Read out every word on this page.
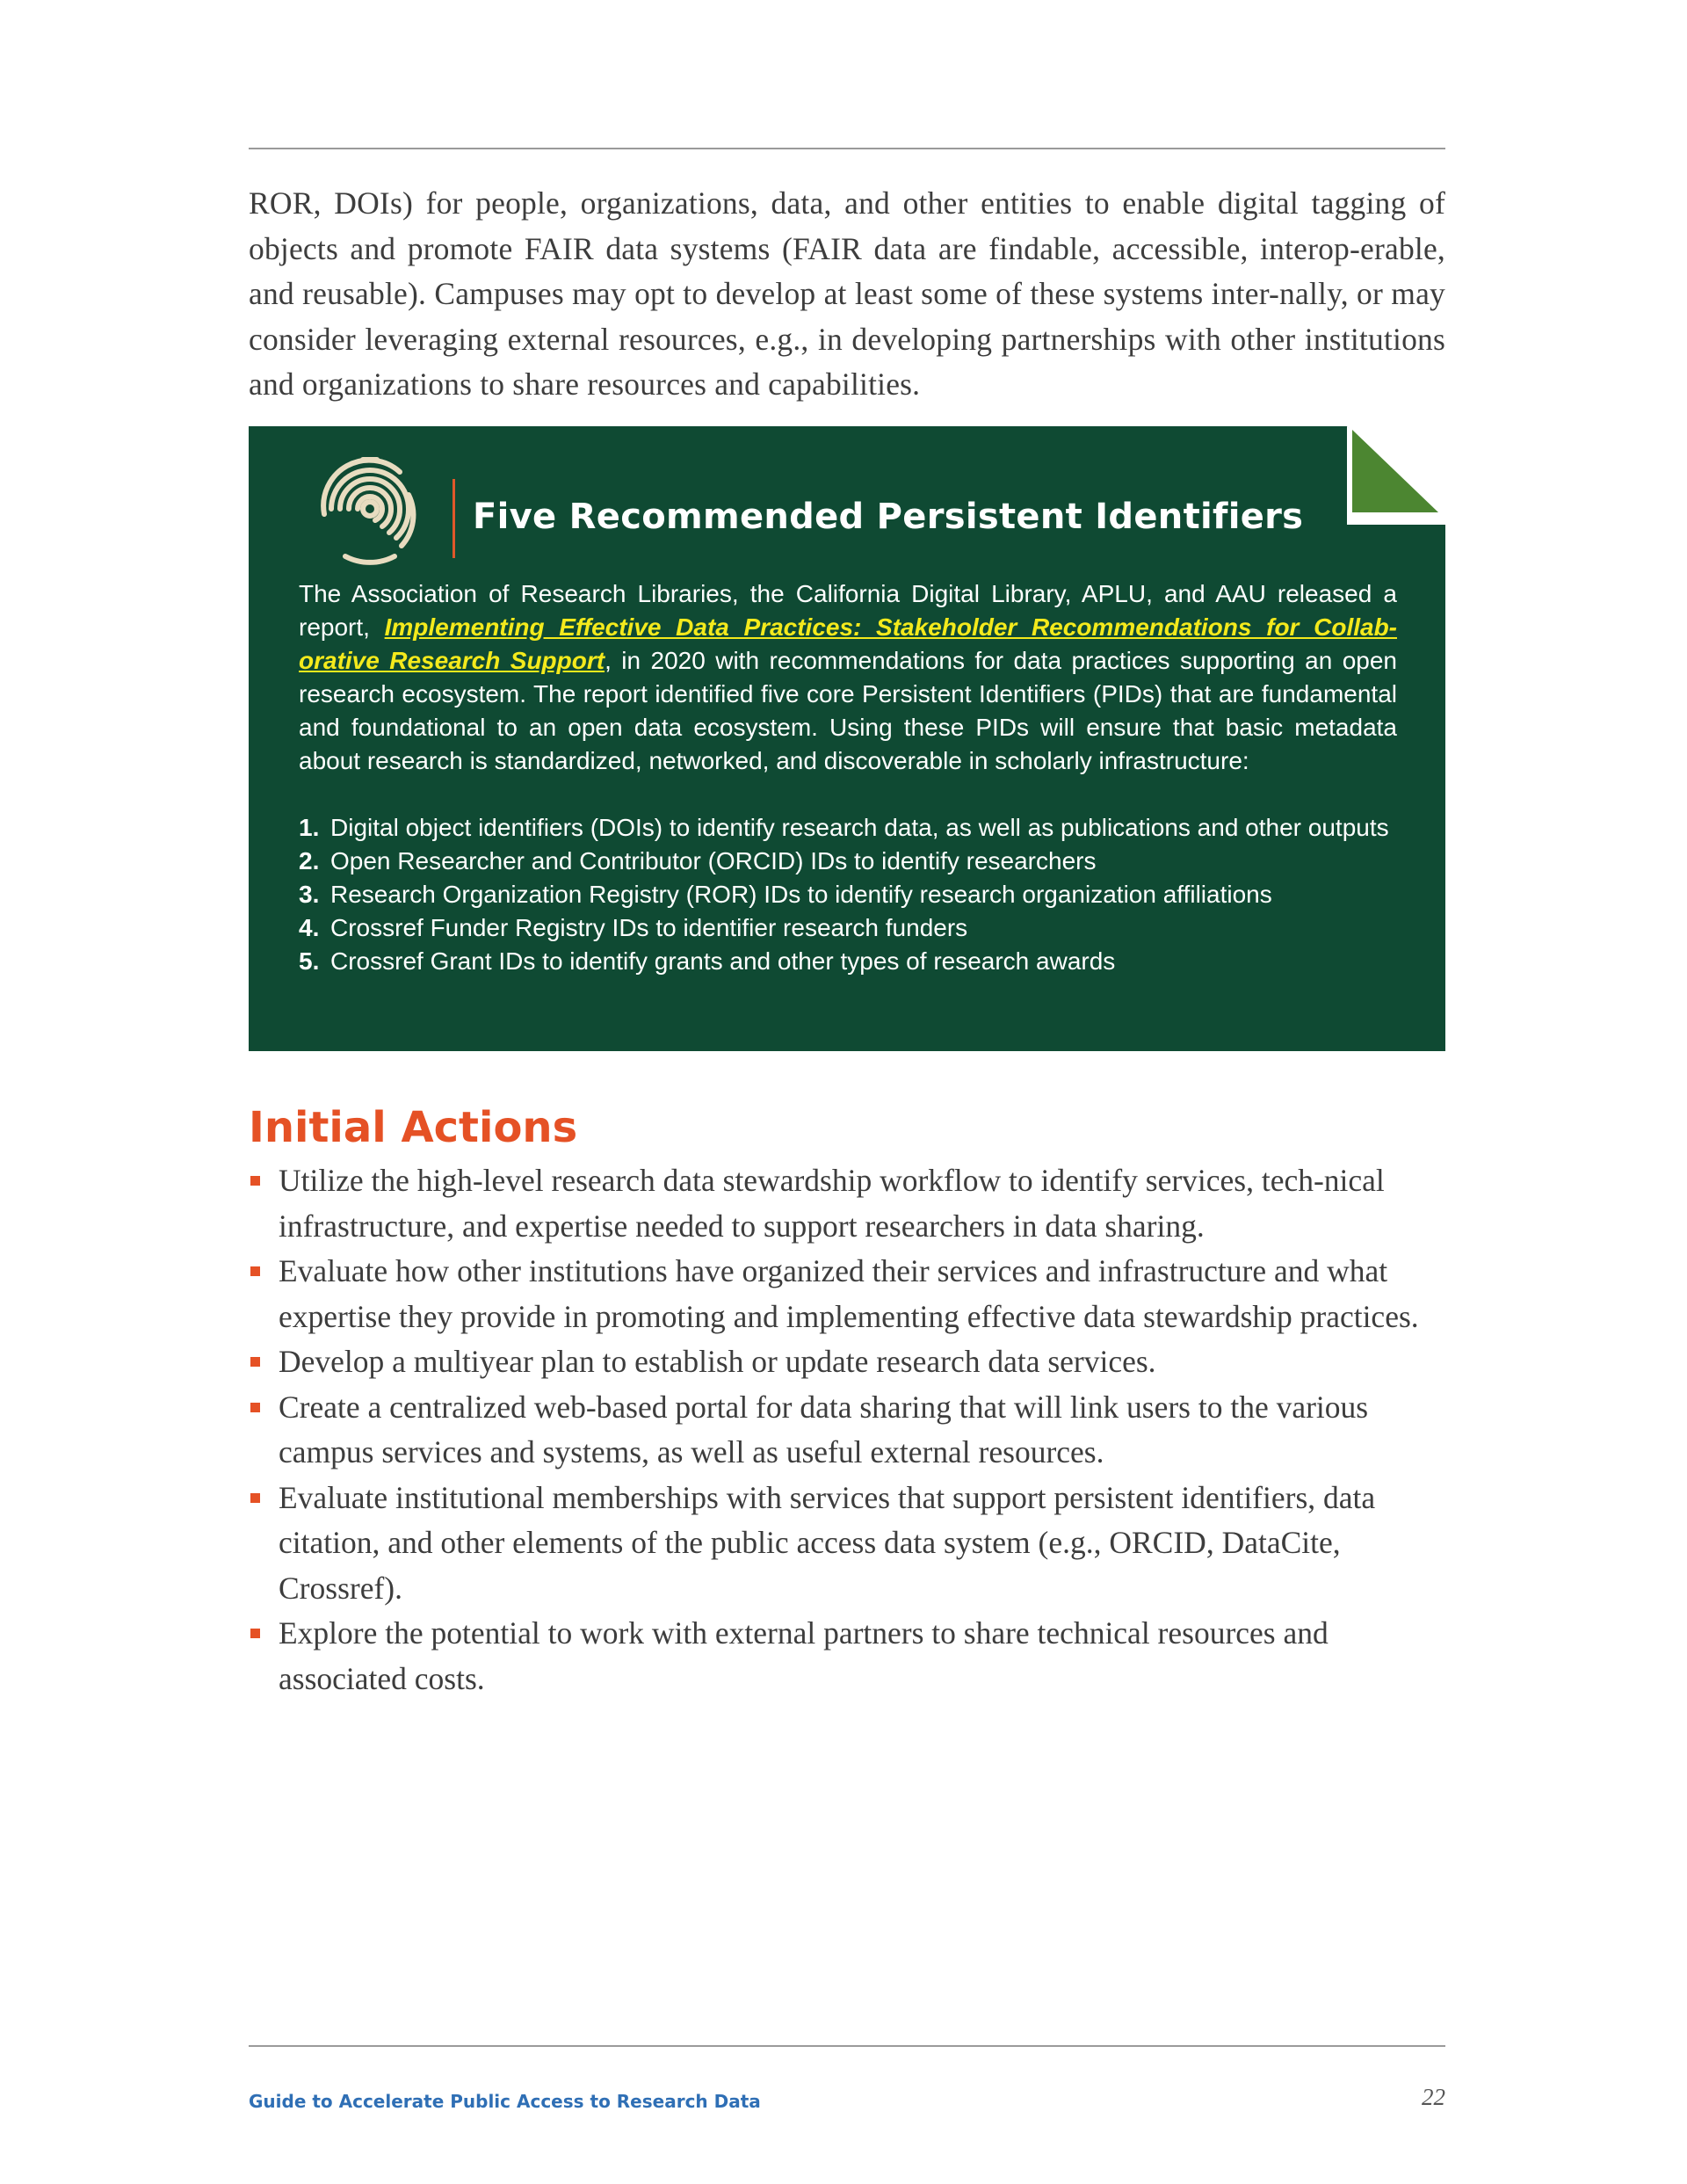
ROR, DOIs) for people, organizations, data, and other entities to enable digital tagging of objects and promote FAIR data systems (FAIR data are findable, accessible, interop-erable, and reusable). Campuses may opt to develop at least some of these systems inter-nally, or may consider leveraging external resources, e.g., in developing partnerships with other institutions and organizations to share resources and capabilities.

Five Recommended Persistent Identifiers

The Association of Research Libraries, the California Digital Library, APLU, and AAU released a report, Implementing Effective Data Practices: Stakeholder Recommendations for Collab-orative Research Support, in 2020 with recommendations for data practices supporting an open research ecosystem. The report identified five core Persistent Identifiers (PIDs) that are fundamental and foundational to an open data ecosystem. Using these PIDs will ensure that basic metadata about research is standardized, networked, and discoverable in scholarly infrastructure:

1. Digital object identifiers (DOIs) to identify research data, as well as publications and other outputs
2. Open Researcher and Contributor (ORCID) IDs to identify researchers
3. Research Organization Registry (ROR) IDs to identify research organization affiliations
4. Crossref Funder Registry IDs to identifier research funders
5. Crossref Grant IDs to identify grants and other types of research awards
Initial Actions
Utilize the high-level research data stewardship workflow to identify services, tech-nical infrastructure, and expertise needed to support researchers in data sharing.
Evaluate how other institutions have organized their services and infrastructure and what expertise they provide in promoting and implementing effective data stewardship practices.
Develop a multiyear plan to establish or update research data services.
Create a centralized web-based portal for data sharing that will link users to the various campus services and systems, as well as useful external resources.
Evaluate institutional memberships with services that support persistent identifiers, data citation, and other elements of the public access data system (e.g., ORCID, DataCite, Crossref).
Explore the potential to work with external partners to share technical resources and associated costs.

Guide to Accelerate Public Access to Research Data	22
